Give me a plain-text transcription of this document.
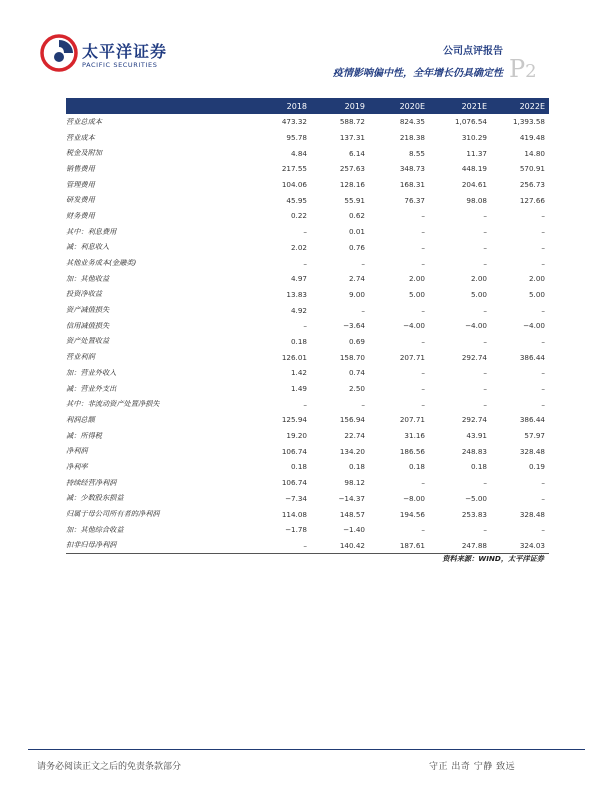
太平洋证券
PACIFIC SECURITIES
公司点评报告
疫情影响偏中性，全年增长仍具确定性 P2
	2018	2019	2020E	2021E	2022E
营业总成本	473.32	588.72	824.35	1,076.54	1,393.58
营业成本	95.78	137.31	218.38	310.29	419.48
税金及附加	4.84	6.14	8.55	11.37	14.80
销售费用	217.55	257.63	348.73	448.19	570.91
管理费用	104.06	128.16	168.31	204.61	256.73
研发费用	45.95	55.91	76.37	98.08	127.66
财务费用	0.22	0.62	–	–	–
其中：利息费用	–	0.01	–	–	–
减：利息收入	2.02	0.76	–	–	–
其他业务成本(金融类)	–	–	–	–	–
加：其他收益	4.97	2.74	2.00	2.00	2.00
投资净收益	13.83	9.00	5.00	5.00	5.00
资产减值损失	4.92	–	–	–	–
信用减值损失	–	−3.64	−4.00	−4.00	−4.00
资产处置收益	0.18	0.69	–	–	–
营业利润	126.01	158.70	207.71	292.74	386.44
加：营业外收入	1.42	0.74	–	–	–
减：营业外支出	1.49	2.50	–	–	–
其中：非流动资产处置净损失	–	–	–	–	–
利润总额	125.94	156.94	207.71	292.74	386.44
减：所得税	19.20	22.74	31.16	43.91	57.97
净利润	106.74	134.20	186.56	248.83	328.48
净利率	0.18	0.18	0.18	0.18	0.19
持续经营净利润	106.74	98.12	–	–	–
减：少数股东损益	−7.34	−14.37	−8.00	−5.00	–
归属于母公司所有者的净利润	114.08	148.57	194.56	253.83	328.48
加：其他综合收益	−1.78	−1.40	–	–	–
扣非归母净利润	–	140.42	187.61	247.88	324.03
资料来源：WIND，太平洋证券
请务必阅读正文之后的免责条款部分	守正 出奇 宁静 致远
